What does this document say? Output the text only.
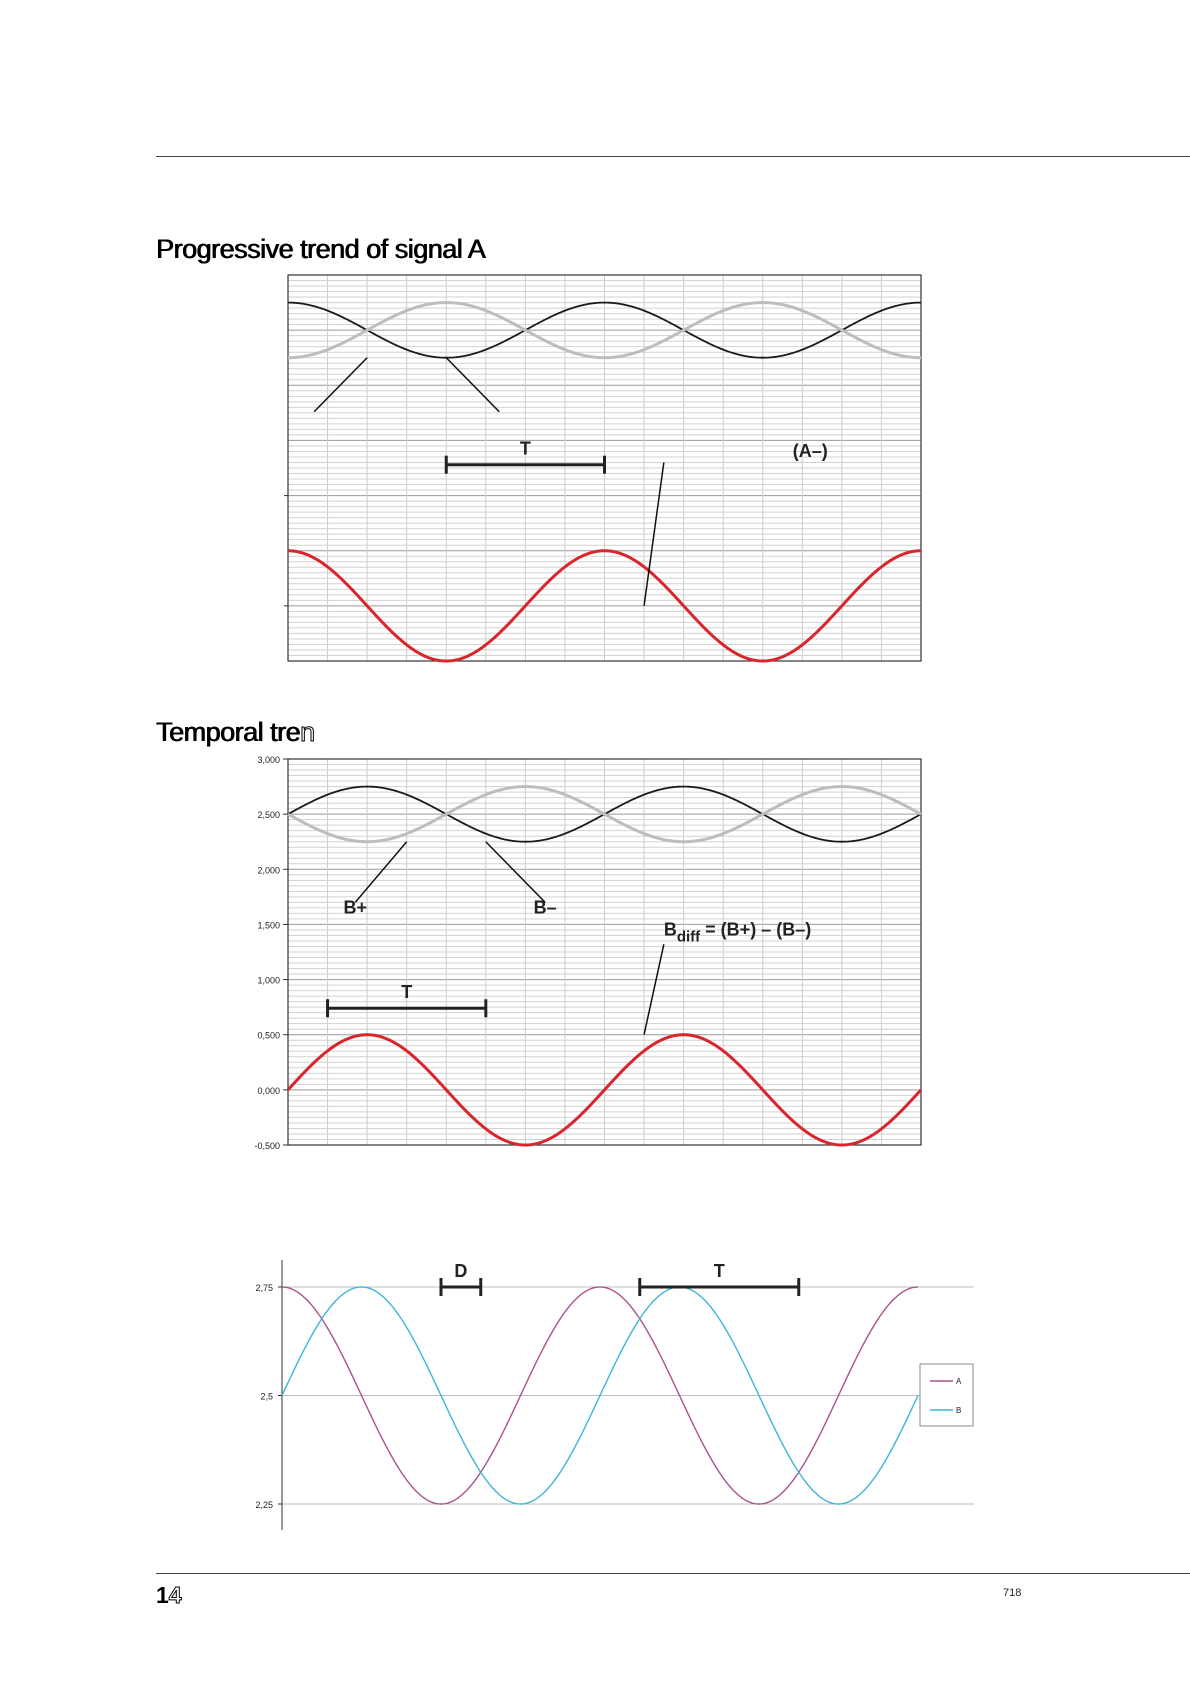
Progressive trend of signal A
T	(A–)
Temporal tren
3,000
2,500
2,000
1,500
1,000
0,500
0,000
-0,500
B+	B–
$B_{diff} = (B+) - (B-)$
T
2,75
2,5
2,25
D	T
A
B
14	718
